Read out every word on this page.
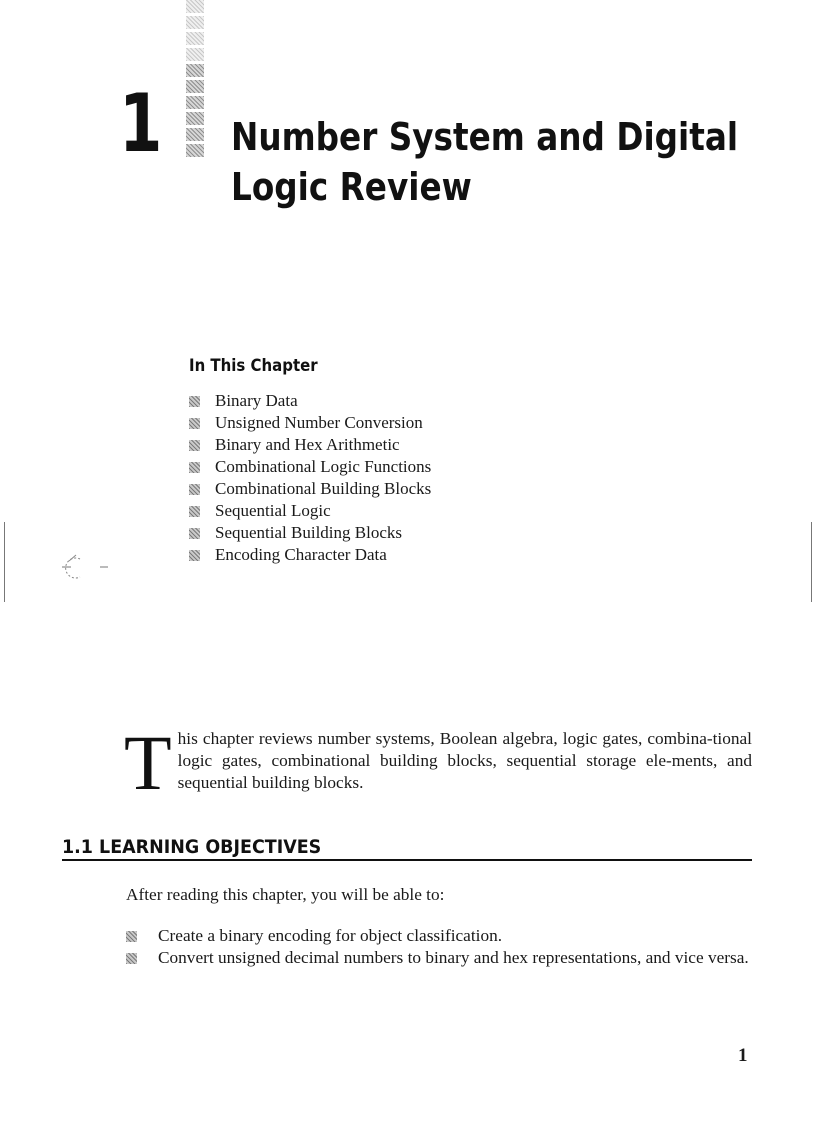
1 Number System and Digital
Logic Review
In This Chapter
Binary Data
Unsigned Number Conversion
Binary and Hex Arithmetic
Combinational Logic Functions
Combinational Building Blocks
Sequential Logic
Sequential Building Blocks
Encoding Character Data

This chapter reviews number systems, Boolean algebra, logic gates, combina-tional logic gates, combinational building blocks, sequential storage ele-ments, and sequential building blocks.

1.1 LEARNING OBJECTIVES

After reading this chapter, you will be able to:

Create a binary encoding for object classification.
Convert unsigned decimal numbers to binary and hex representations, and vice versa.
1
